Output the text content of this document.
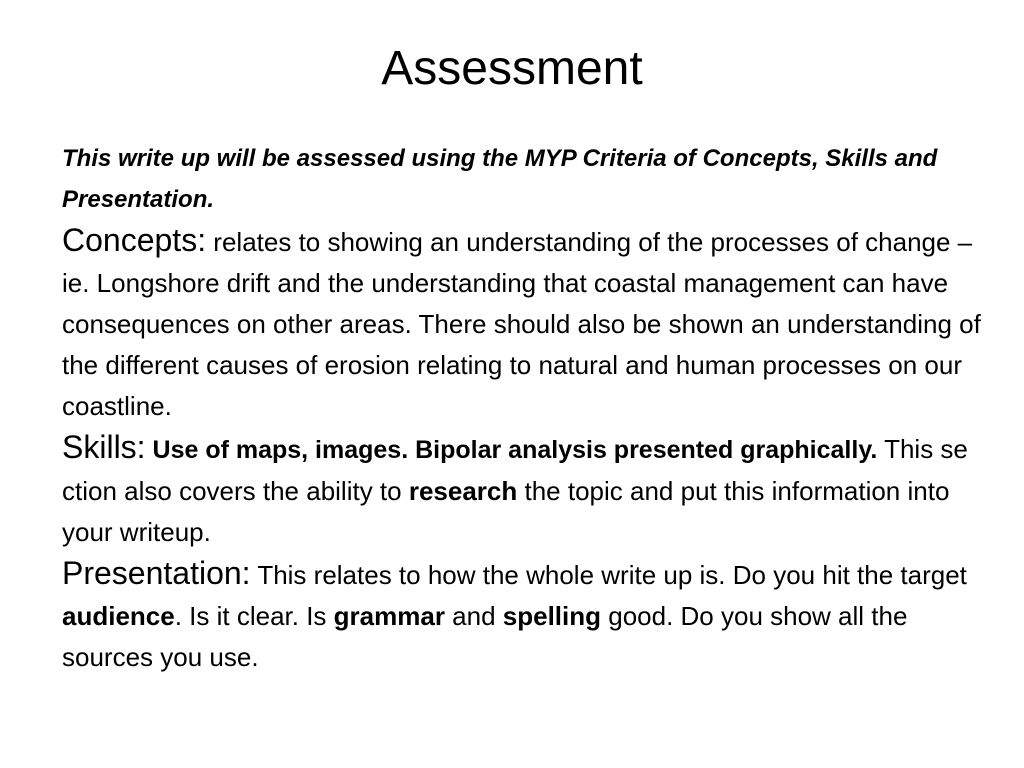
Assessment

This write up will be assessed using the MYP Criteria of Concepts, Skills and Presentation.

Concepts: relates to showing an understanding of the processes of change – ie. Longshore drift and the understanding that coastal management can have consequences on other areas. There should also be shown an understanding of the different causes of erosion relating to natural and human processes on our coastline.

Skills: Use of maps, images. Bipolar analysis presented graphically. This se ction also covers the ability to research the topic and put this information into your writeup.

Presentation: This relates to how the whole write up is. Do you hit the target audience. Is it clear. Is grammar and spelling good. Do you show all the sources you use.
